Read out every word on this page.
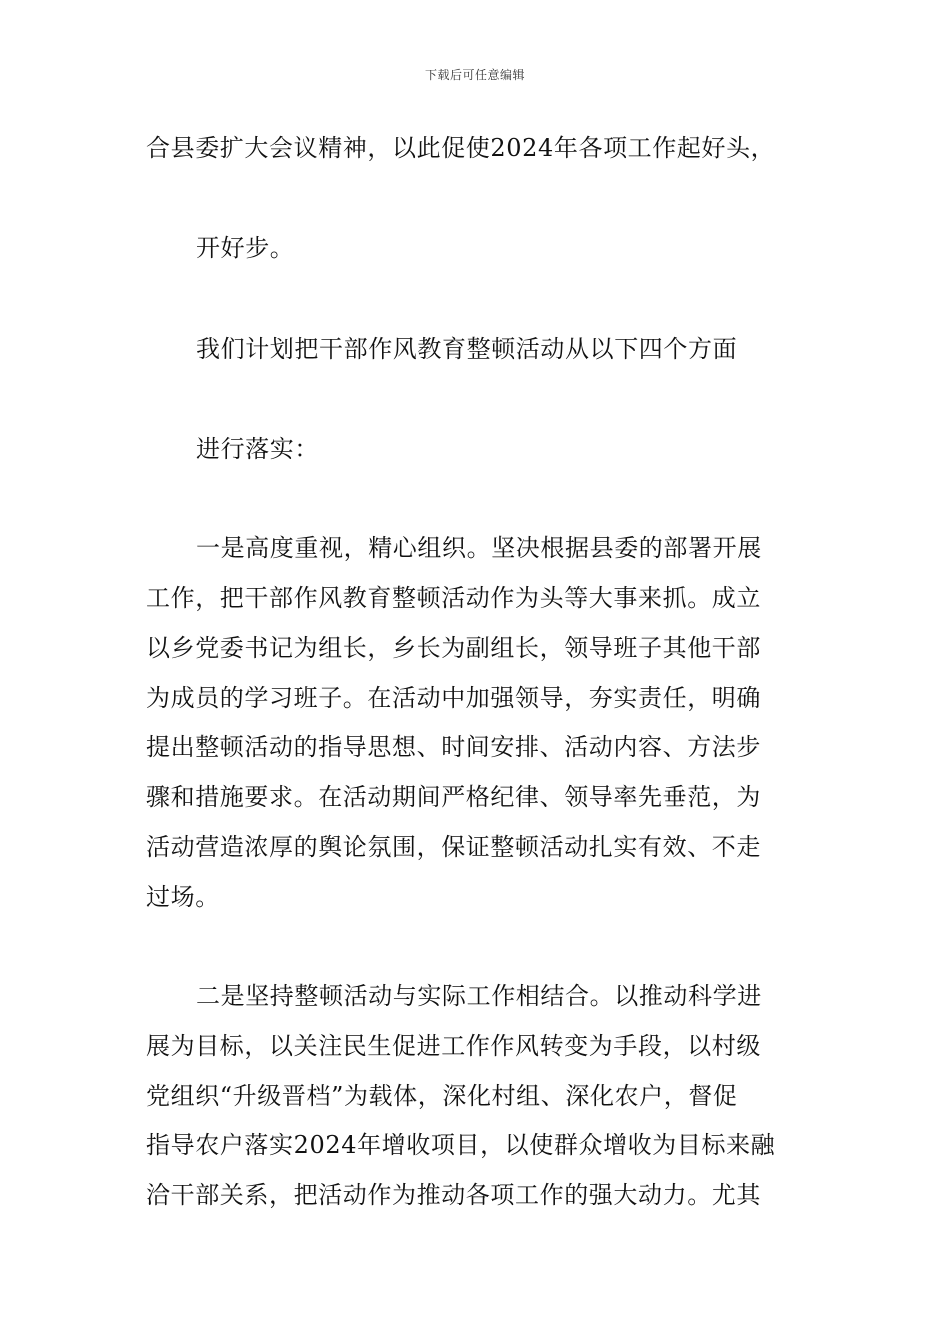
下载后可任意编辑
合县委扩大会议精神，以此促使2024年各项工作起好头，
开好步。
我们计划把干部作风教育整顿活动从以下四个方面
进行落实：
一是高度重视，精心组织。坚决根据县委的部署开展
工作，把干部作风教育整顿活动作为头等大事来抓。成立
以乡党委书记为组长，乡长为副组长，领导班子其他干部
为成员的学习班子。在活动中加强领导，夯实责任，明确
提出整顿活动的指导思想、时间安排、活动内容、方法步
骤和措施要求。在活动期间严格纪律、领导率先垂范，为
活动营造浓厚的舆论氛围，保证整顿活动扎实有效、不走
过场。
二是坚持整顿活动与实际工作相结合。以推动科学进
展为目标，以关注民生促进工作作风转变为手段，以村级
党组织“升级晋档”为载体，深化村组、深化农户，督促
指导农户落实2024年增收项目，以使群众增收为目标来融
洽干部关系，把活动作为推动各项工作的强大动力。尤其
